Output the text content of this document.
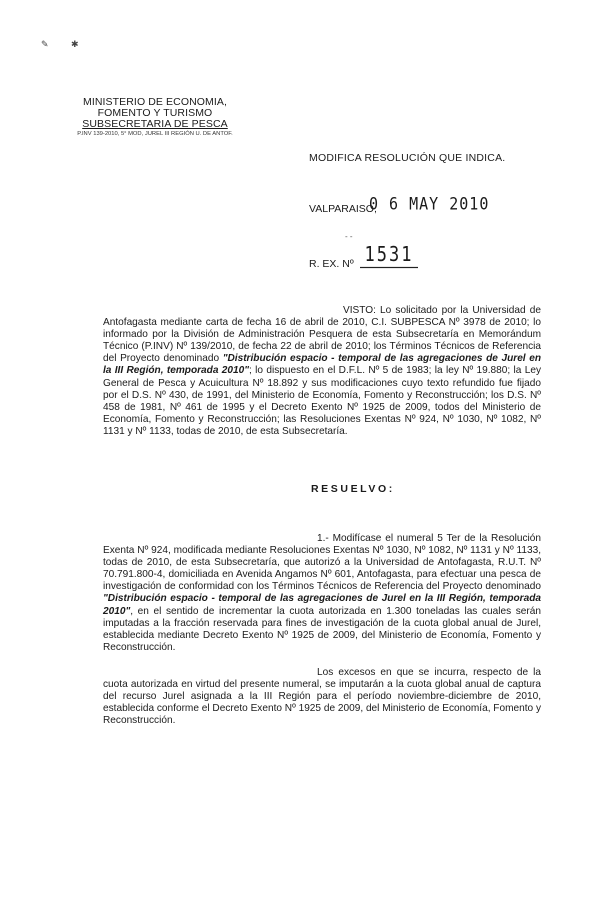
✎ ✱
MINISTERIO DE ECONOMIA,
FOMENTO Y TURISMO
SUBSECRETARIA DE PESCA
P.INV 139-2010, 5° MOD, JUREL III REGIÓN U. DE ANTOF.
MODIFICA RESOLUCIÓN QUE INDICA.
VALPARAISO,
0 6 MAY 2010
- -
R. EX. Nº 1531
VISTO: Lo solicitado por la Universidad de Antofagasta mediante carta de fecha 16 de abril de 2010, C.I. SUBPESCA Nº 3978 de 2010; lo informado por la División de Administración Pesquera de esta Subsecretaría en Memorándum Técnico (P.INV) Nº 139/2010, de fecha 22 de abril de 2010; los Términos Técnicos de Referencia del Proyecto denominado "Distribución espacio - temporal de las agregaciones de Jurel en la III Región, temporada 2010"; lo dispuesto en el D.F.L. Nº 5 de 1983; la ley Nº 19.880; la Ley General de Pesca y Acuicultura Nº 18.892 y sus modificaciones cuyo texto refundido fue fijado por el D.S. Nº 430, de 1991, del Ministerio de Economía, Fomento y Reconstrucción; los D.S. Nº 458 de 1981, Nº 461 de 1995 y el Decreto Exento Nº 1925 de 2009, todos del Ministerio de Economía, Fomento y Reconstrucción; las Resoluciones Exentas Nº 924, Nº 1030, Nº 1082, Nº 1131 y Nº 1133, todas de 2010, de esta Subsecretaría.
RESUELVO:
1.- Modifícase el numeral 5 Ter de la Resolución Exenta Nº 924, modificada mediante Resoluciones Exentas Nº 1030, Nº 1082, Nº 1131 y Nº 1133, todas de 2010, de esta Subsecretaría, que autorizó a la Universidad de Antofagasta, R.U.T. Nº 70.791.800-4, domiciliada en Avenida Angamos Nº 601, Antofagasta, para efectuar una pesca de investigación de conformidad con los Términos Técnicos de Referencia del Proyecto denominado "Distribución espacio - temporal de las agregaciones de Jurel en la III Región, temporada 2010", en el sentido de incrementar la cuota autorizada en 1.300 toneladas las cuales serán imputadas a la fracción reservada para fines de investigación de la cuota global anual de Jurel, establecida mediante Decreto Exento Nº 1925 de 2009, del Ministerio de Economía, Fomento y Reconstrucción.
Los excesos en que se incurra, respecto de la cuota autorizada en virtud del presente numeral, se imputarán a la cuota global anual de captura del recurso Jurel asignada a la III Región para el período noviembre-diciembre de 2010, establecida conforme el Decreto Exento Nº 1925 de 2009, del Ministerio de Economía, Fomento y Reconstrucción.
